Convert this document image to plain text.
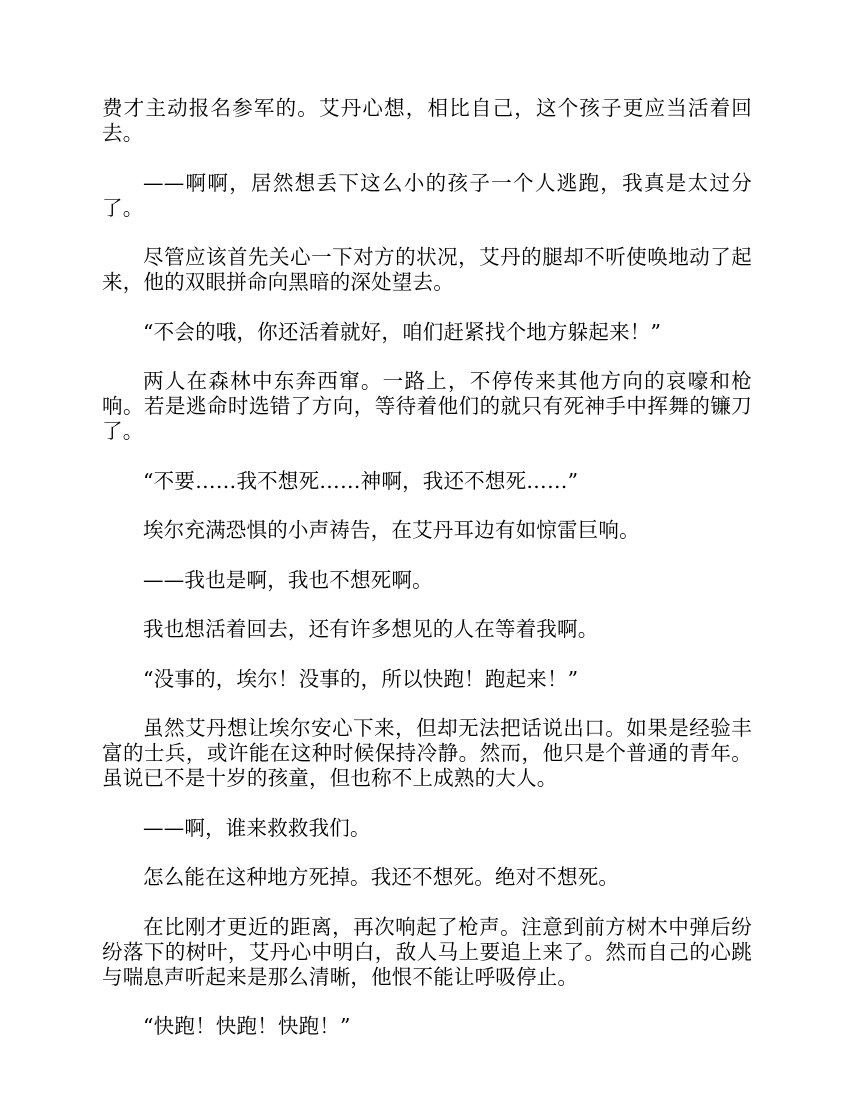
费才主动报名参军的。艾丹心想，相比自己，这个孩子更应当活着回去。

——啊啊，居然想丢下这么小的孩子一个人逃跑，我真是太过分了。

尽管应该首先关心一下对方的状况，艾丹的腿却不听使唤地动了起来，他的双眼拼命向黑暗的深处望去。

“不会的哦，你还活着就好，咱们赶紧找个地方躲起来！”

两人在森林中东奔西窜。一路上，不停传来其他方向的哀嚎和枪响。若是逃命时选错了方向，等待着他们的就只有死神手中挥舞的镰刀了。

“不要……我不想死……神啊，我还不想死……”

埃尔充满恐惧的小声祷告，在艾丹耳边有如惊雷巨响。

——我也是啊，我也不想死啊。

我也想活着回去，还有许多想见的人在等着我啊。

“没事的，埃尔！没事的，所以快跑！跑起来！”

虽然艾丹想让埃尔安心下来，但却无法把话说出口。如果是经验丰富的士兵，或许能在这种时候保持冷静。然而，他只是个普通的青年。虽说已不是十岁的孩童，但也称不上成熟的大人。

——啊，谁来救救我们。

怎么能在这种地方死掉。我还不想死。绝对不想死。

在比刚才更近的距离，再次响起了枪声。注意到前方树木中弹后纷纷落下的树叶，艾丹心中明白，敌人马上要追上来了。然而自己的心跳与喘息声听起来是那么清晰，他恨不能让呼吸停止。

“快跑！快跑！快跑！”
